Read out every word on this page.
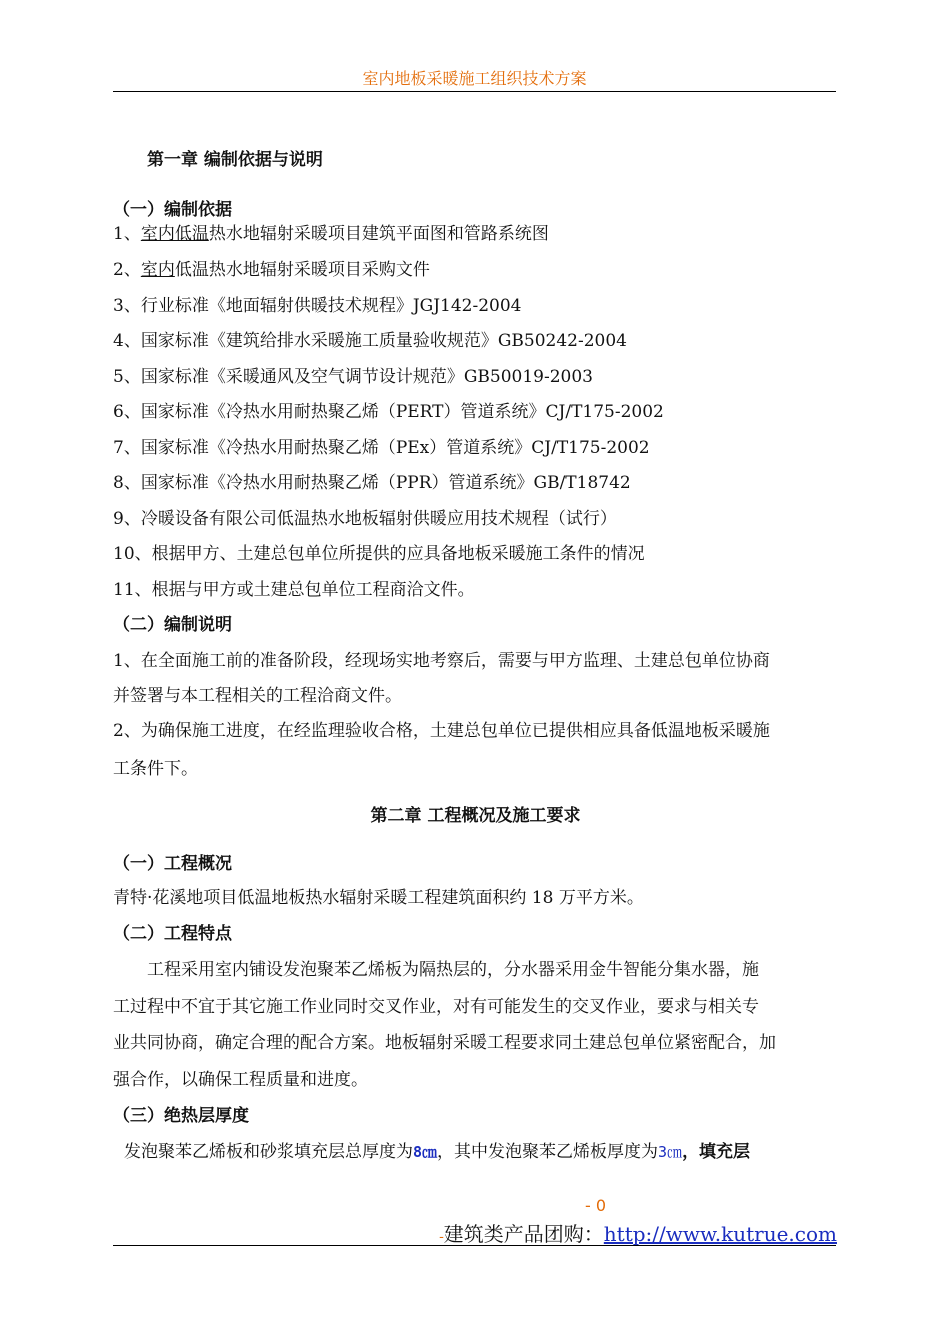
室内地板采暖施工组织技术方案
第一章 编制依据与说明
（一）编制依据
1、室内低温热水地辐射采暖项目建筑平面图和管路系统图
2、室内低温热水地辐射采暖项目采购文件
3、行业标准《地面辐射供暖技术规程》JGJ142-2004
4、国家标准《建筑给排水采暖施工质量验收规范》GB50242-2004
5、国家标准《采暖通风及空气调节设计规范》GB50019-2003
6、国家标准《冷热水用耐热聚乙烯（PERT）管道系统》CJ/T175-2002
7、国家标准《冷热水用耐热聚乙烯（PEx）管道系统》CJ/T175-2002
8、国家标准《冷热水用耐热聚乙烯（PPR）管道系统》GB/T18742
9、冷暖设备有限公司低温热水地板辐射供暖应用技术规程（试行）
10、根据甲方、土建总包单位所提供的应具备地板采暖施工条件的情况
11、根据与甲方或土建总包单位工程商洽文件。
（二）编制说明
1、在全面施工前的准备阶段，经现场实地考察后，需要与甲方监理、土建总包单位协商
并签署与本工程相关的工程洽商文件。
2、为确保施工进度，在经监理验收合格，土建总包单位已提供相应具备低温地板采暖施
工条件下。
第二章 工程概况及施工要求
（一）工程概况
青特·花溪地项目低温地板热水辐射采暖工程建筑面积约 18 万平方米。
（二）工程特点
工程采用室内铺设发泡聚苯乙烯板为隔热层的，分水器采用金牛智能分集水器，施
工过程中不宜于其它施工作业同时交叉作业，对有可能发生的交叉作业，要求与相关专
业共同协商，确定合理的配合方案。地板辐射采暖工程要求同土建总包单位紧密配合，加
强合作，以确保工程质量和进度。
（三）绝热层厚度
发泡聚苯乙烯板和砂浆填充层总厚度为8㎝，其中发泡聚苯乙烯板厚度为3㎝，填充层
- 0
-建筑类产品团购：http://www.kutrue.com
